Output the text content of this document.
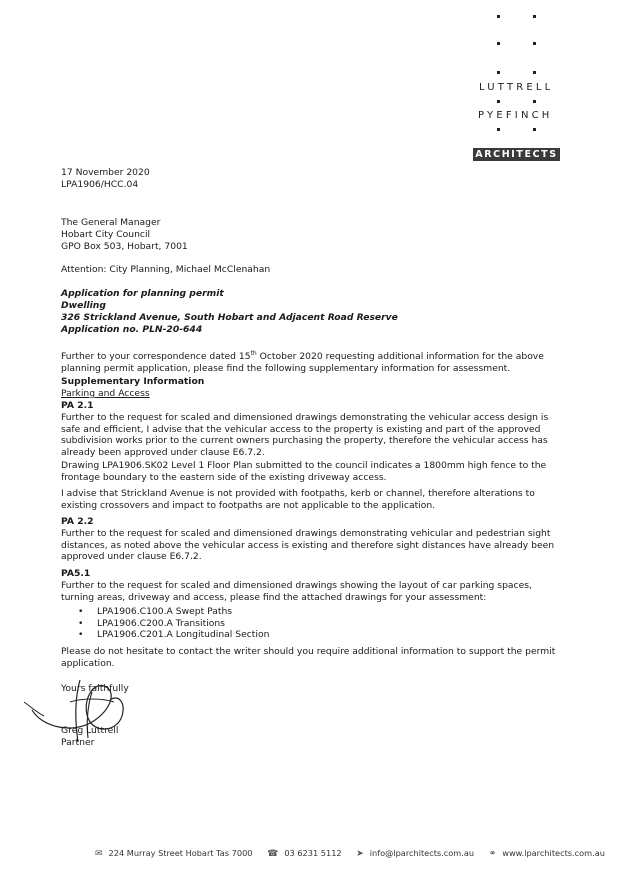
LUTTRELL
PYEFINCH
ARCHITECTS
17 November 2020
LPA1906/HCC.04
The General Manager
Hobart City Council
GPO Box 503, Hobart, 7001
Attention: City Planning, Michael McClenahan
Application for planning permit
Dwelling
326 Strickland Avenue, South Hobart and Adjacent Road Reserve
Application no. PLN-20-644
Further to your correspondence dated 15th October 2020 requesting additional information for the above planning permit application, please find the following supplementary information for assessment.
Supplementary Information
Parking and Access
PA 2.1
Further to the request for scaled and dimensioned drawings demonstrating the vehicular access design is safe and efficient, I advise that the vehicular access to the property is existing and part of the approved subdivision works prior to the current owners purchasing the property, therefore the vehicular access has already been approved under clause E6.7.2.
Drawing LPA1906.SK02 Level 1 Floor Plan submitted to the council indicates a 1800mm high fence to the frontage boundary to the eastern side of the existing driveway access.
I advise that Strickland Avenue is not provided with footpaths, kerb or channel, therefore alterations to existing crossovers and impact to footpaths are not applicable to the application.
PA 2.2
Further to the request for scaled and dimensioned drawings demonstrating vehicular and pedestrian sight distances, as noted above the vehicular access is existing and therefore sight distances have already been approved under clause E6.7.2.
PA5.1
Further to the request for scaled and dimensioned drawings showing the layout of car parking spaces, turning areas, driveway and access, please find the attached drawings for your assessment:
• LPA1906.C100.A Swept Paths
• LPA1906.C200.A Transitions
• LPA1906.C201.A Longitudinal Section
Please do not hesitate to contact the writer should you require additional information to support the permit application.
Yours faithfully
Greg Luttrell
Partner
✉ 224 Murray Street Hobart Tas 7000 ☎ 03 6231 5112 ➤ info@lparchitects.com.au ⚭ www.lparchitects.com.au
